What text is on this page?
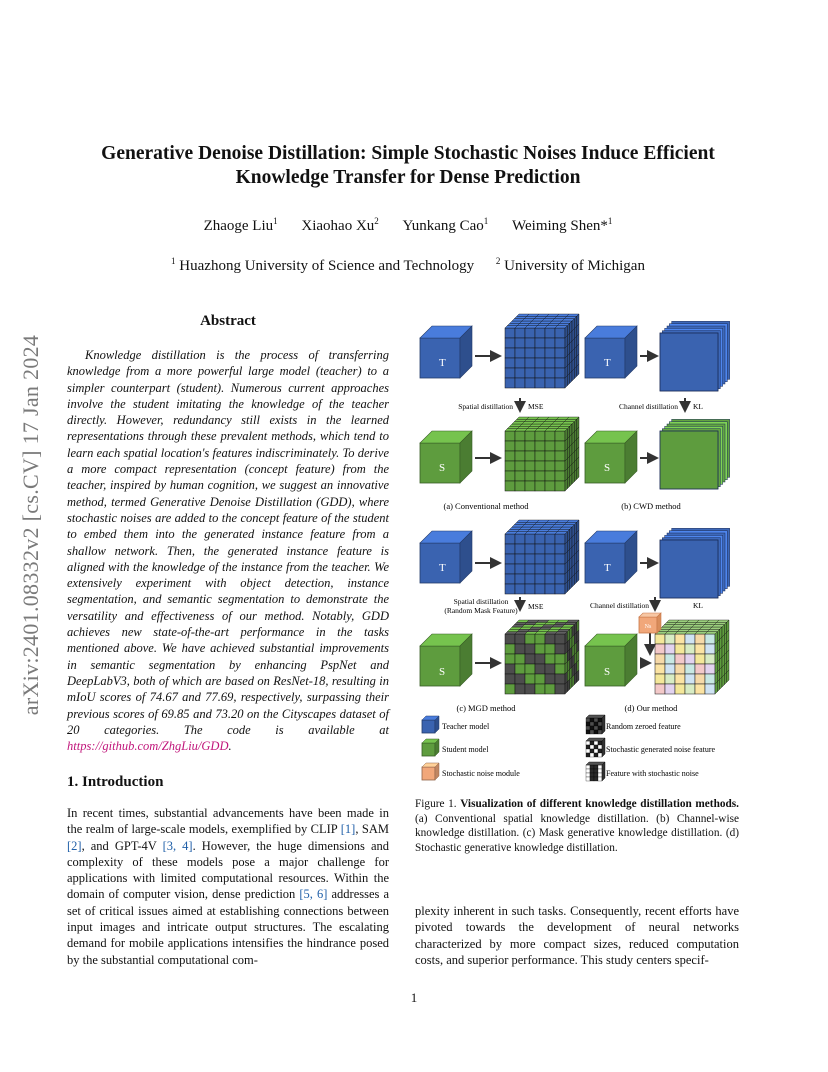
arXiv:2401.08332v2 [cs.CV] 17 Jan 2024
Generative Denoise Distillation: Simple Stochastic Noises Induce Efficient Knowledge Transfer for Dense Prediction
Zhaoge Liu$^1$ Xiaohao Xu$^2$ Yunkang Cao$^1$ Weiming Shen*$^1$
$^1$ Huazhong University of Science and Technology $^2$ University of Michigan
Abstract

Knowledge distillation is the process of transferring knowledge from a more powerful large model (teacher) to a simpler counterpart (student). Numerous current approaches involve the student imitating the knowledge of the teacher directly. However, redundancy still exists in the learned representations through these prevalent methods, which tend to learn each spatial location's features indiscriminately. To derive a more compact representation (concept feature) from the teacher, inspired by human cognition, we suggest an innovative method, termed Generative Denoise Distillation (GDD), where stochastic noises are added to the concept feature of the student to embed them into the generated instance feature from a shallow network. Then, the generated instance feature is aligned with the knowledge of the instance from the teacher. We extensively experiment with object detection, instance segmentation, and semantic segmentation to demonstrate the versatility and effectiveness of our method. Notably, GDD achieves new state-of-the-art performance in the tasks mentioned above. We have achieved substantial improvements in semantic segmentation by enhancing PspNet and DeepLabV3, both of which are based on ResNet-18, resulting in mIoU scores of 74.67 and 77.69, respectively, surpassing their previous scores of 69.85 and 73.20 on the Cityscapes dataset of 20 categories. The code is available at https://github.com/ZhgLiu/GDD.

1. Introduction

In recent times, substantial advancements have been made in the realm of large-scale models, exemplified by CLIP [1], SAM [2], and GPT-4V [3, 4]. However, the huge dimensions and complexity of these models pose a major challenge for applications with limited computational resources. Within the domain of computer vision, dense prediction [5, 6] addresses a set of critical issues aimed at establishing connections between input images and intricate output structures. The escalating demand for mobile applications intensifies the hindrance posed by the substantial computational com-

T	T
T	T
S	S
S	S
Spatial distillation MSE	Channel distillation KL
Spatial distillation
(Random Mask Feature) MSE	Channel distillation	KL
Ns
(a) Conventional method	(b) CWD method
(c) MGD method	(d) Our method
Teacher model
Student model
Stochastic noise module
Random zeroed feature
Stochastic generated noise feature
Feature with stochastic noise

Figure 1. Visualization of different knowledge distillation methods. (a) Conventional spatial knowledge distillation. (b) Channel-wise knowledge distillation. (c) Mask generative knowledge distillation. (d) Stochastic generative knowledge distillation.

plexity inherent in such tasks. Consequently, recent efforts have pivoted towards the development of neural networks characterized by more compact sizes, reduced computation costs, and superior performance. This study centers specif-

1
